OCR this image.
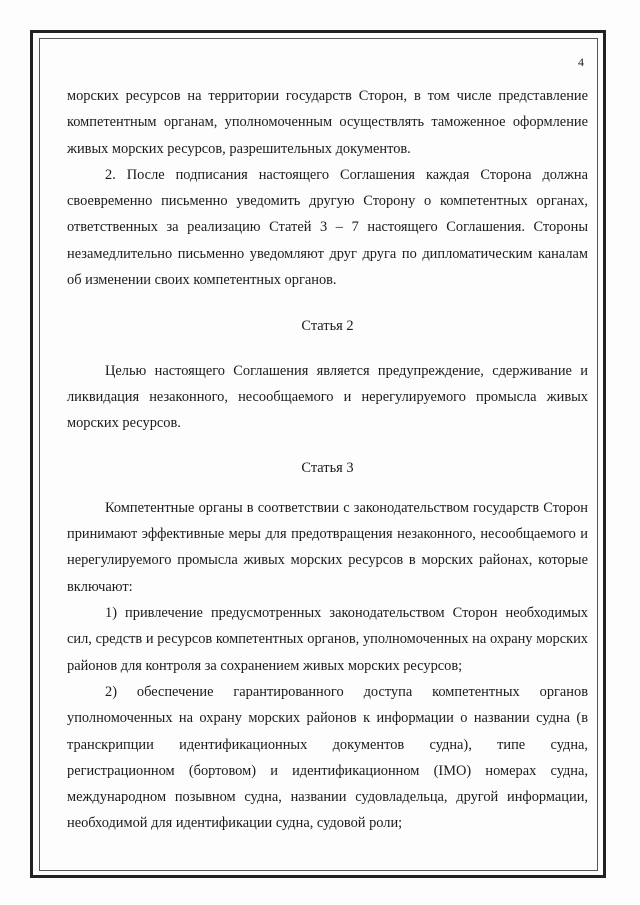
4

морских ресурсов на территории государств Сторон, в том числе представление компетентным органам, уполномоченным осуществлять таможенное оформление живых морских ресурсов, разрешительных документов.

2. После подписания настоящего Соглашения каждая Сторона должна своевременно письменно уведомить другую Сторону о компетентных органах, ответственных за реализацию Статей 3 – 7 настоящего Соглашения. Стороны незамедлительно письменно уведомляют друг друга по дипломатическим каналам об изменении своих компетентных органов.

Статья 2

Целью настоящего Соглашения является предупреждение, сдерживание и ликвидация незаконного, несообщаемого и нерегулируемого промысла живых морских ресурсов.

Статья 3

Компетентные органы в соответствии с законодательством государств Сторон принимают эффективные меры для предотвращения незаконного, несообщаемого и нерегулируемого промысла живых морских ресурсов в морских районах, которые включают:

1) привлечение предусмотренных законодательством Сторон необходимых сил, средств и ресурсов компетентных органов, уполномоченных на охрану морских районов для контроля за сохранением живых морских ресурсов;

2) обеспечение гарантированного доступа компетентных органов уполномоченных на охрану морских районов к информации о названии судна (в транскрипции идентификационных документов судна), типе судна, регистрационном (бортовом) и идентификационном (IMO) номерах судна, международном позывном судна, названии судовладельца, другой информации, необходимой для идентификации судна, судовой роли;
